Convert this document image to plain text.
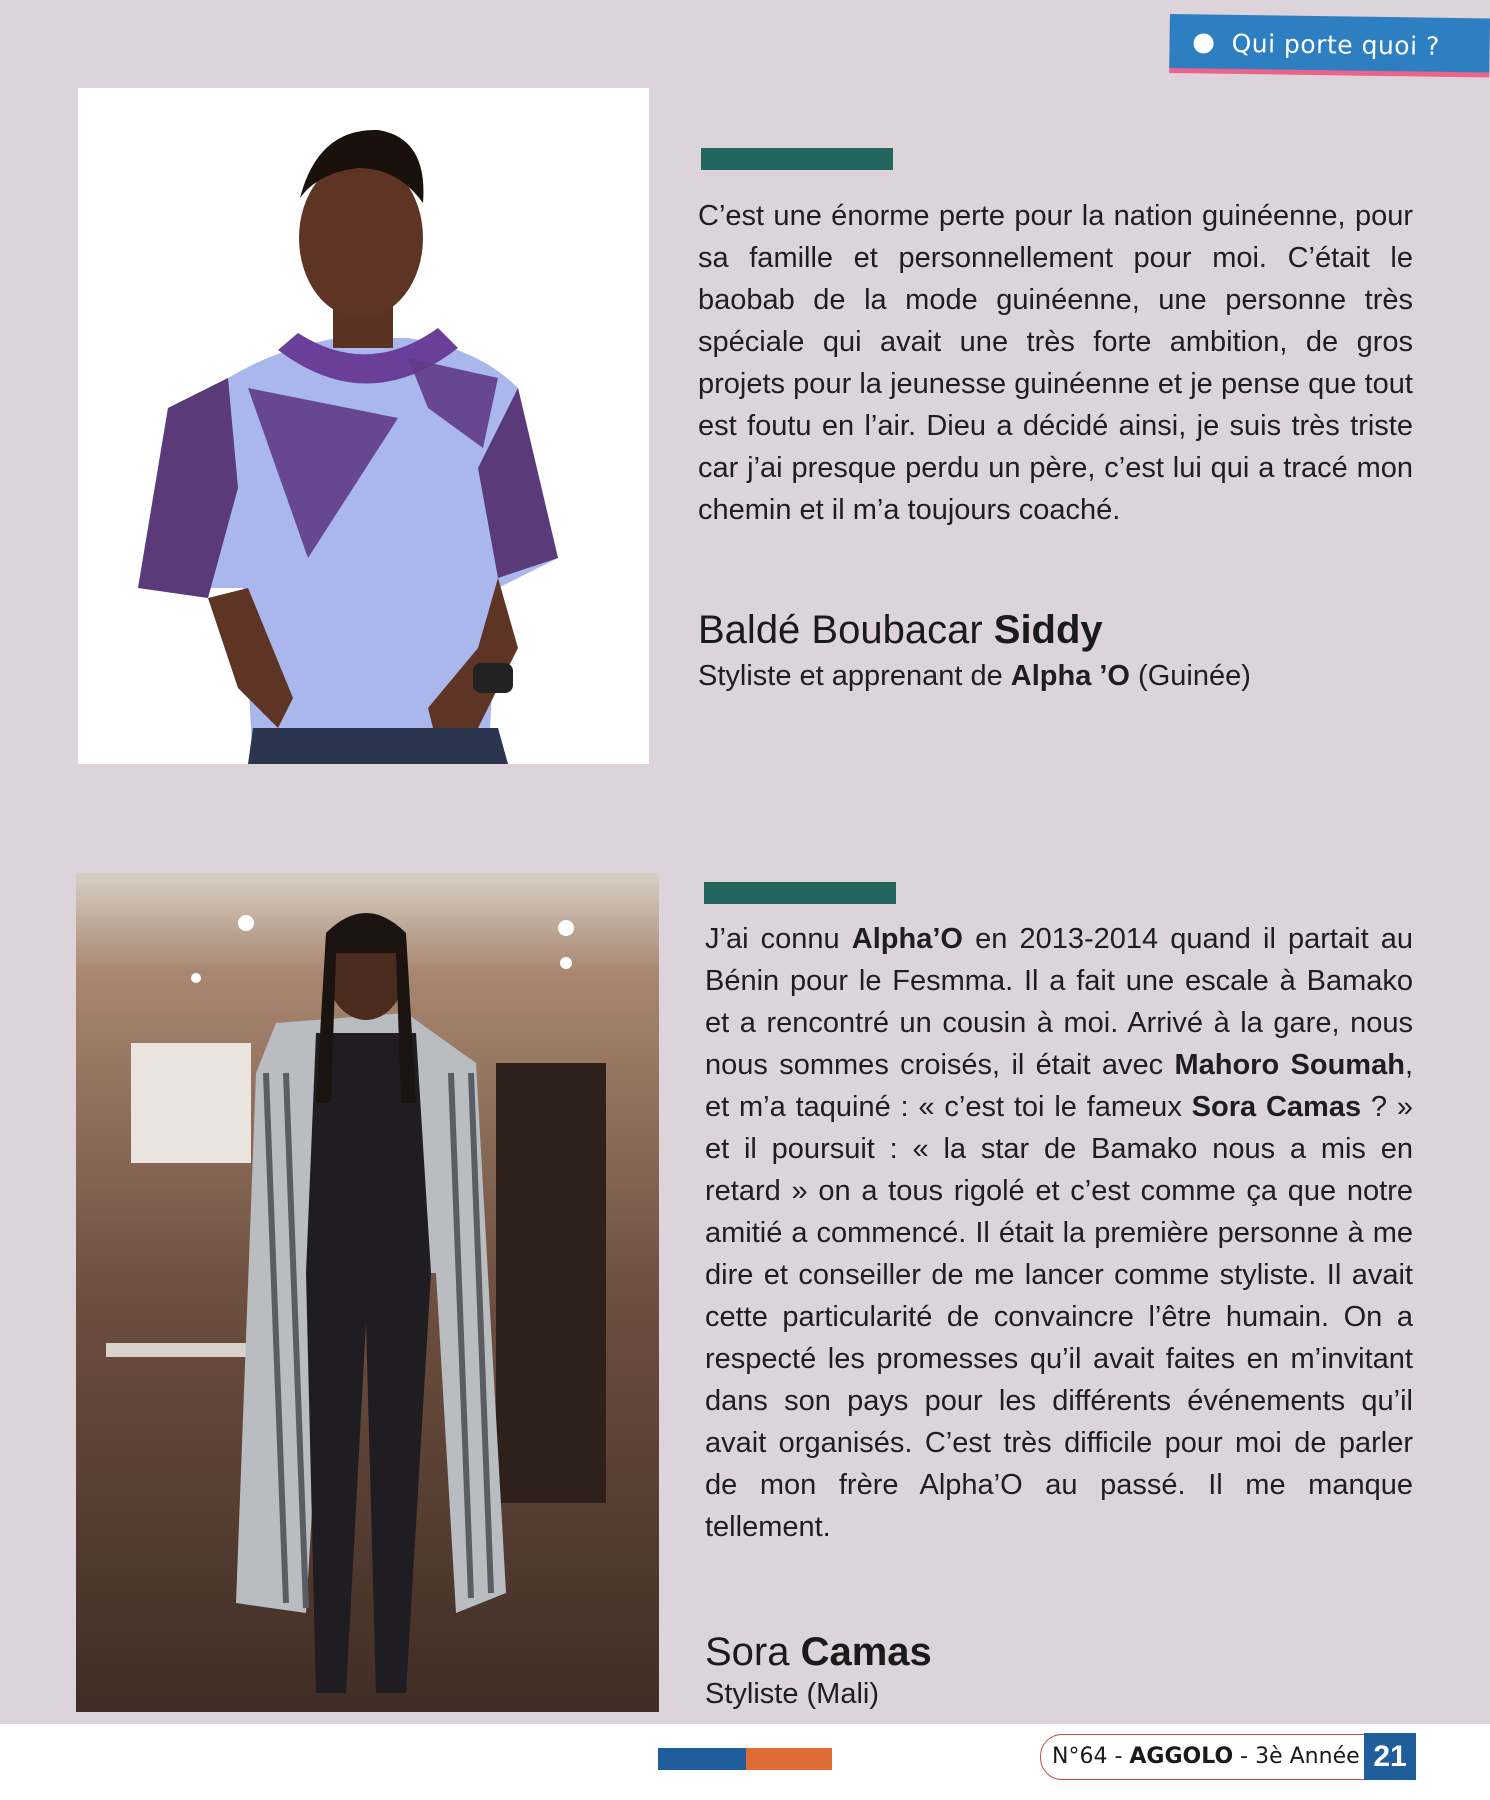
Qui porte quoi ?

C’est une énorme perte pour la nation guinéenne, pour sa famille et personnellement pour moi. C’était le baobab de la mode guinéenne, une personne très spéciale qui avait une très forte ambition, de gros projets pour la jeunesse guinéenne et je pense que tout est foutu en l’air. Dieu a décidé ainsi, je suis très triste car j’ai presque perdu un père, c’est lui qui a tracé mon chemin et il m’a toujours coaché.

Baldé Boubacar Siddy
Styliste et apprenant de Alpha ’O (Guinée)

J’ai connu Alpha’O en 2013-2014 quand il partait au Bénin pour le Fesmma. Il a fait une escale à Bamako et a rencontré un cousin à moi. Arrivé à la gare, nous nous sommes croisés, il était avec Mahoro Soumah, et m’a taquiné : « c’est toi le fameux Sora Camas ? » et il poursuit : « la star de Bamako nous a mis en retard » on a tous rigolé et c’est comme ça que notre amitié a commencé. Il était la première personne à me dire et conseiller de me lancer comme styliste. Il avait cette particularité de convaincre l’être humain. On a respecté les promesses qu’il avait faites en m’invitant dans son pays pour les différents événements qu’il avait organisés. C’est très difficile pour moi de parler de mon frère Alpha’O au passé. Il me manque tellement.

Sora Camas
Styliste (Mali)
N°64 - AGGOLO - 3è Année 21
